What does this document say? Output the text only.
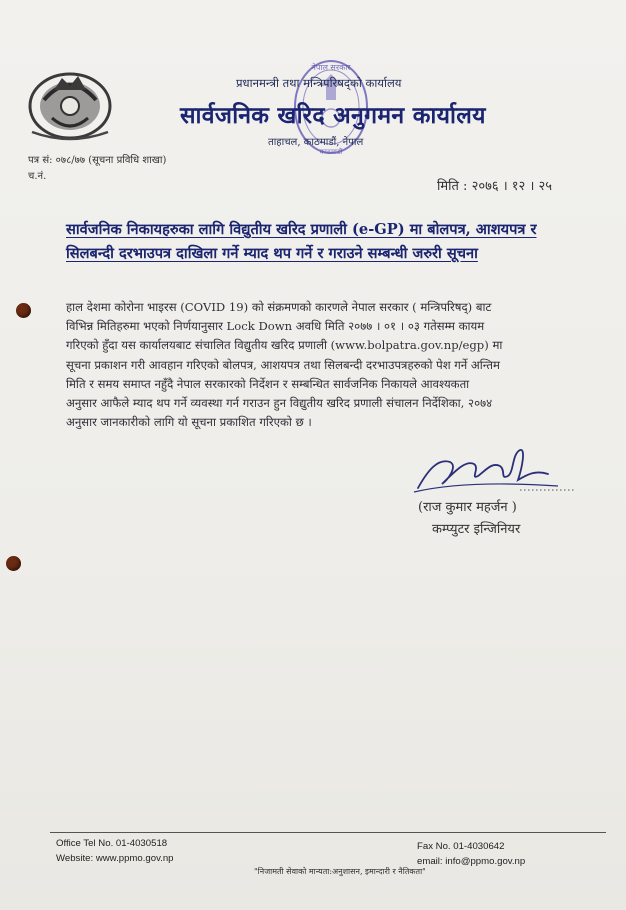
नेपाल सरकार
काठमाडौं
प्रधानमन्त्री तथा मन्त्रिपरिषद्को कार्यालय
सार्वजनिक खरिद अनुगमन कार्यालय
ताहाचल, काठमाडौं, नेपाल
पत्र सं: ०७८/७७ (सूचना प्रविधि शाखा)
च.नं.
मिति : २०७६ । १२ । २५
सार्वजनिक निकायहरुका लागि विद्युतीय खरिद प्रणाली (e-GP) मा बोलपत्र, आशयपत्र र
सिलबन्दी दरभाउपत्र दाखिला गर्ने म्याद थप गर्ने र गराउने सम्बन्धी जरुरी सूचना
हाल देशमा कोरोना भाइरस (COVID 19) को संक्रमणको कारणले नेपाल सरकार ( मन्त्रिपरिषद्) बाट
विभिन्न मितिहरुमा भएको निर्णयानुसार Lock Down अवधि मिति २०७७ । ०१ । ०३ गतेसम्म कायम
गरिएको हुँदा यस कार्यालयबाट संचालित विद्युतीय खरिद प्रणाली (www.bolpatra.gov.np/egp) मा
सूचना प्रकाशन गरी आवहान गरिएको बोलपत्र, आशयपत्र तथा सिलबन्दी दरभाउपत्रहरुको पेश गर्ने अन्तिम
मिति र समय समाप्त नहुँदै नेपाल सरकारको निर्देशन र सम्बन्धित सार्वजनिक निकायले आवश्यकता
अनुसार आफैले म्याद थप गर्ने व्यवस्था गर्न गराउन हुन विद्युतीय खरिद प्रणाली संचालन निर्देशिका, २०७४
अनुसार जानकारीको लागि यो सूचना प्रकाशित गरिएको छ ।
(राज कुमार महर्जन )
कम्प्युटर इन्जिनियर
Office Tel No. 01-4030518
Website: www.ppmo.gov.np
Fax No. 01-4030642
email: info@ppmo.gov.np
"निजामती सेवाको मान्यता:अनुशासन, इमान्दारी र नैतिकता"
